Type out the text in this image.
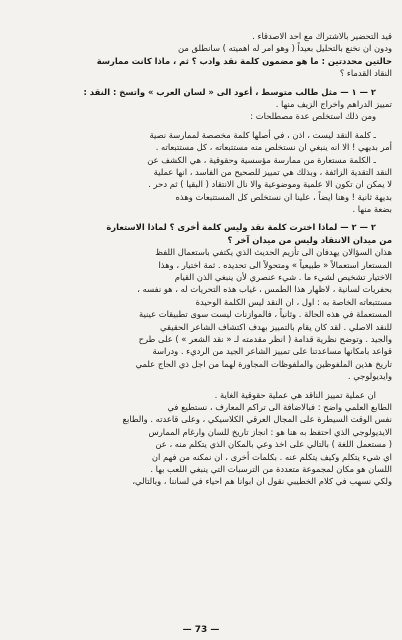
قيد التحضير بالاشتراك مع احد الاصدقاء .
ودون ان نخنع بالتحليل بعيداً ( وهو امر له اهميته ) سانطلق من
حالتين محددتين : ما هو مضمون كلمة نقد وادب ؟ ثم ، ماذا كانت ممارسة
النقاد القدماء ؟
٢ — ١ — مثل طالب متوسط ، أعود الى « لسان العرب » واتسخ : النقد :
تمييز الدراهم واخراج الزيف منها .
ومن ذلك استخلص عدة مصطلحات :
ـ كلمة النقد ليست ، اذن ، في أصلها كلمة مخصصة لممارسة نصية
أمر بديهي ! الا انه ينبغي ان نستخلص منه مستتبعاته ، كل مستتبعاته .
ـ الكلمة مستعارة من ممارسة مؤسسية وحقوقية ، هي الكشف عن
النقد التقدية الزائفة ، وبذلك هي تمييز للصحيح من الفاسد ، انها عملية
لا يمكن ان تكون الا علمية وموضوعية والا نال الانتقاد ( البقيا ) ثم دحر .
بديهة ثانية ! وهنا ايضاً ، علينا ان نستخلص كل المستتبعات وهذه
بضعة منها .
٢ — ٢ — لماذا اخترت كلمة نقد وليس كلمة أخرى ؟ لماذا الاستعارة
من ميدان الانتقاد وليس من ميدان آخر ؟
هذان السؤالان يهدفان الى تأزيم الحديث الذي يكتفي باستعمال اللفظ
المستعار استعمالاً « طبيعياً » ومتحولاً الى تحديده . ثمة اختيار ، وهذا
الاختيار تشخيص لشيء ما . شيء عنصري لأن ينبغي الذن القيام
بحفريات لسانية ، لاظهار هذا الطمس ، غياب هذه التحريات له ، هو نفسه ،
مستتبعاته الخاصة به : اول ، ان النقد ليس الكلمة الوحيدة
المستعملة في هذه الحالة . وثانياً ، فالموازنات ليست سوى تطبيقات عينية
للنقد الاصلي . لقد كان يقام بالتمييز بهدف اكتشاف الشاعر الحقيقي
والجيد . وتوضح نظرية قدامة ( انظر مقدمته لـ « نقد الشعر » ) على طرح
قواعد بامكانها مساعدتنا على تمييز الشاعر الجيد من الرديء . ودراسة
تاريخ هذين الملفوظين والملفوظات المجاورة لهما من اجل ذي الحاج علمي
وايديولوجي .
ان عملية تمييز الناقد هي عملية حقوقية الغاية .
الطابع العلمي واضح : فبالاضافة الى تراكم المعارف ، نستطيع في
نفس الوقت السيطرة على المجال العرقي الكلاسيكي ، وعلى قاعدته . والطابع
الايديولوجي الذي احتفظ به هنا هو : انجاز تاريخ للسان وارغام الممارس
( مستعمل اللغة ) بالتالي على اخذ وعي بالمكان الذي يتكلم منه ، عن
اي شيء يتكلم وكيف يتكلم عنه . بكلمات أخرى ، ان نمكنه من فهم ان
اللسان هو مكان لمجموعة متعددة من الترسبات التي ينبغي اللعب بها .
ولكي نسهب في كلام الخطيبي نقول ان ابوانا هم احياء في لساننا ، وبالتالي،
— 73 —
